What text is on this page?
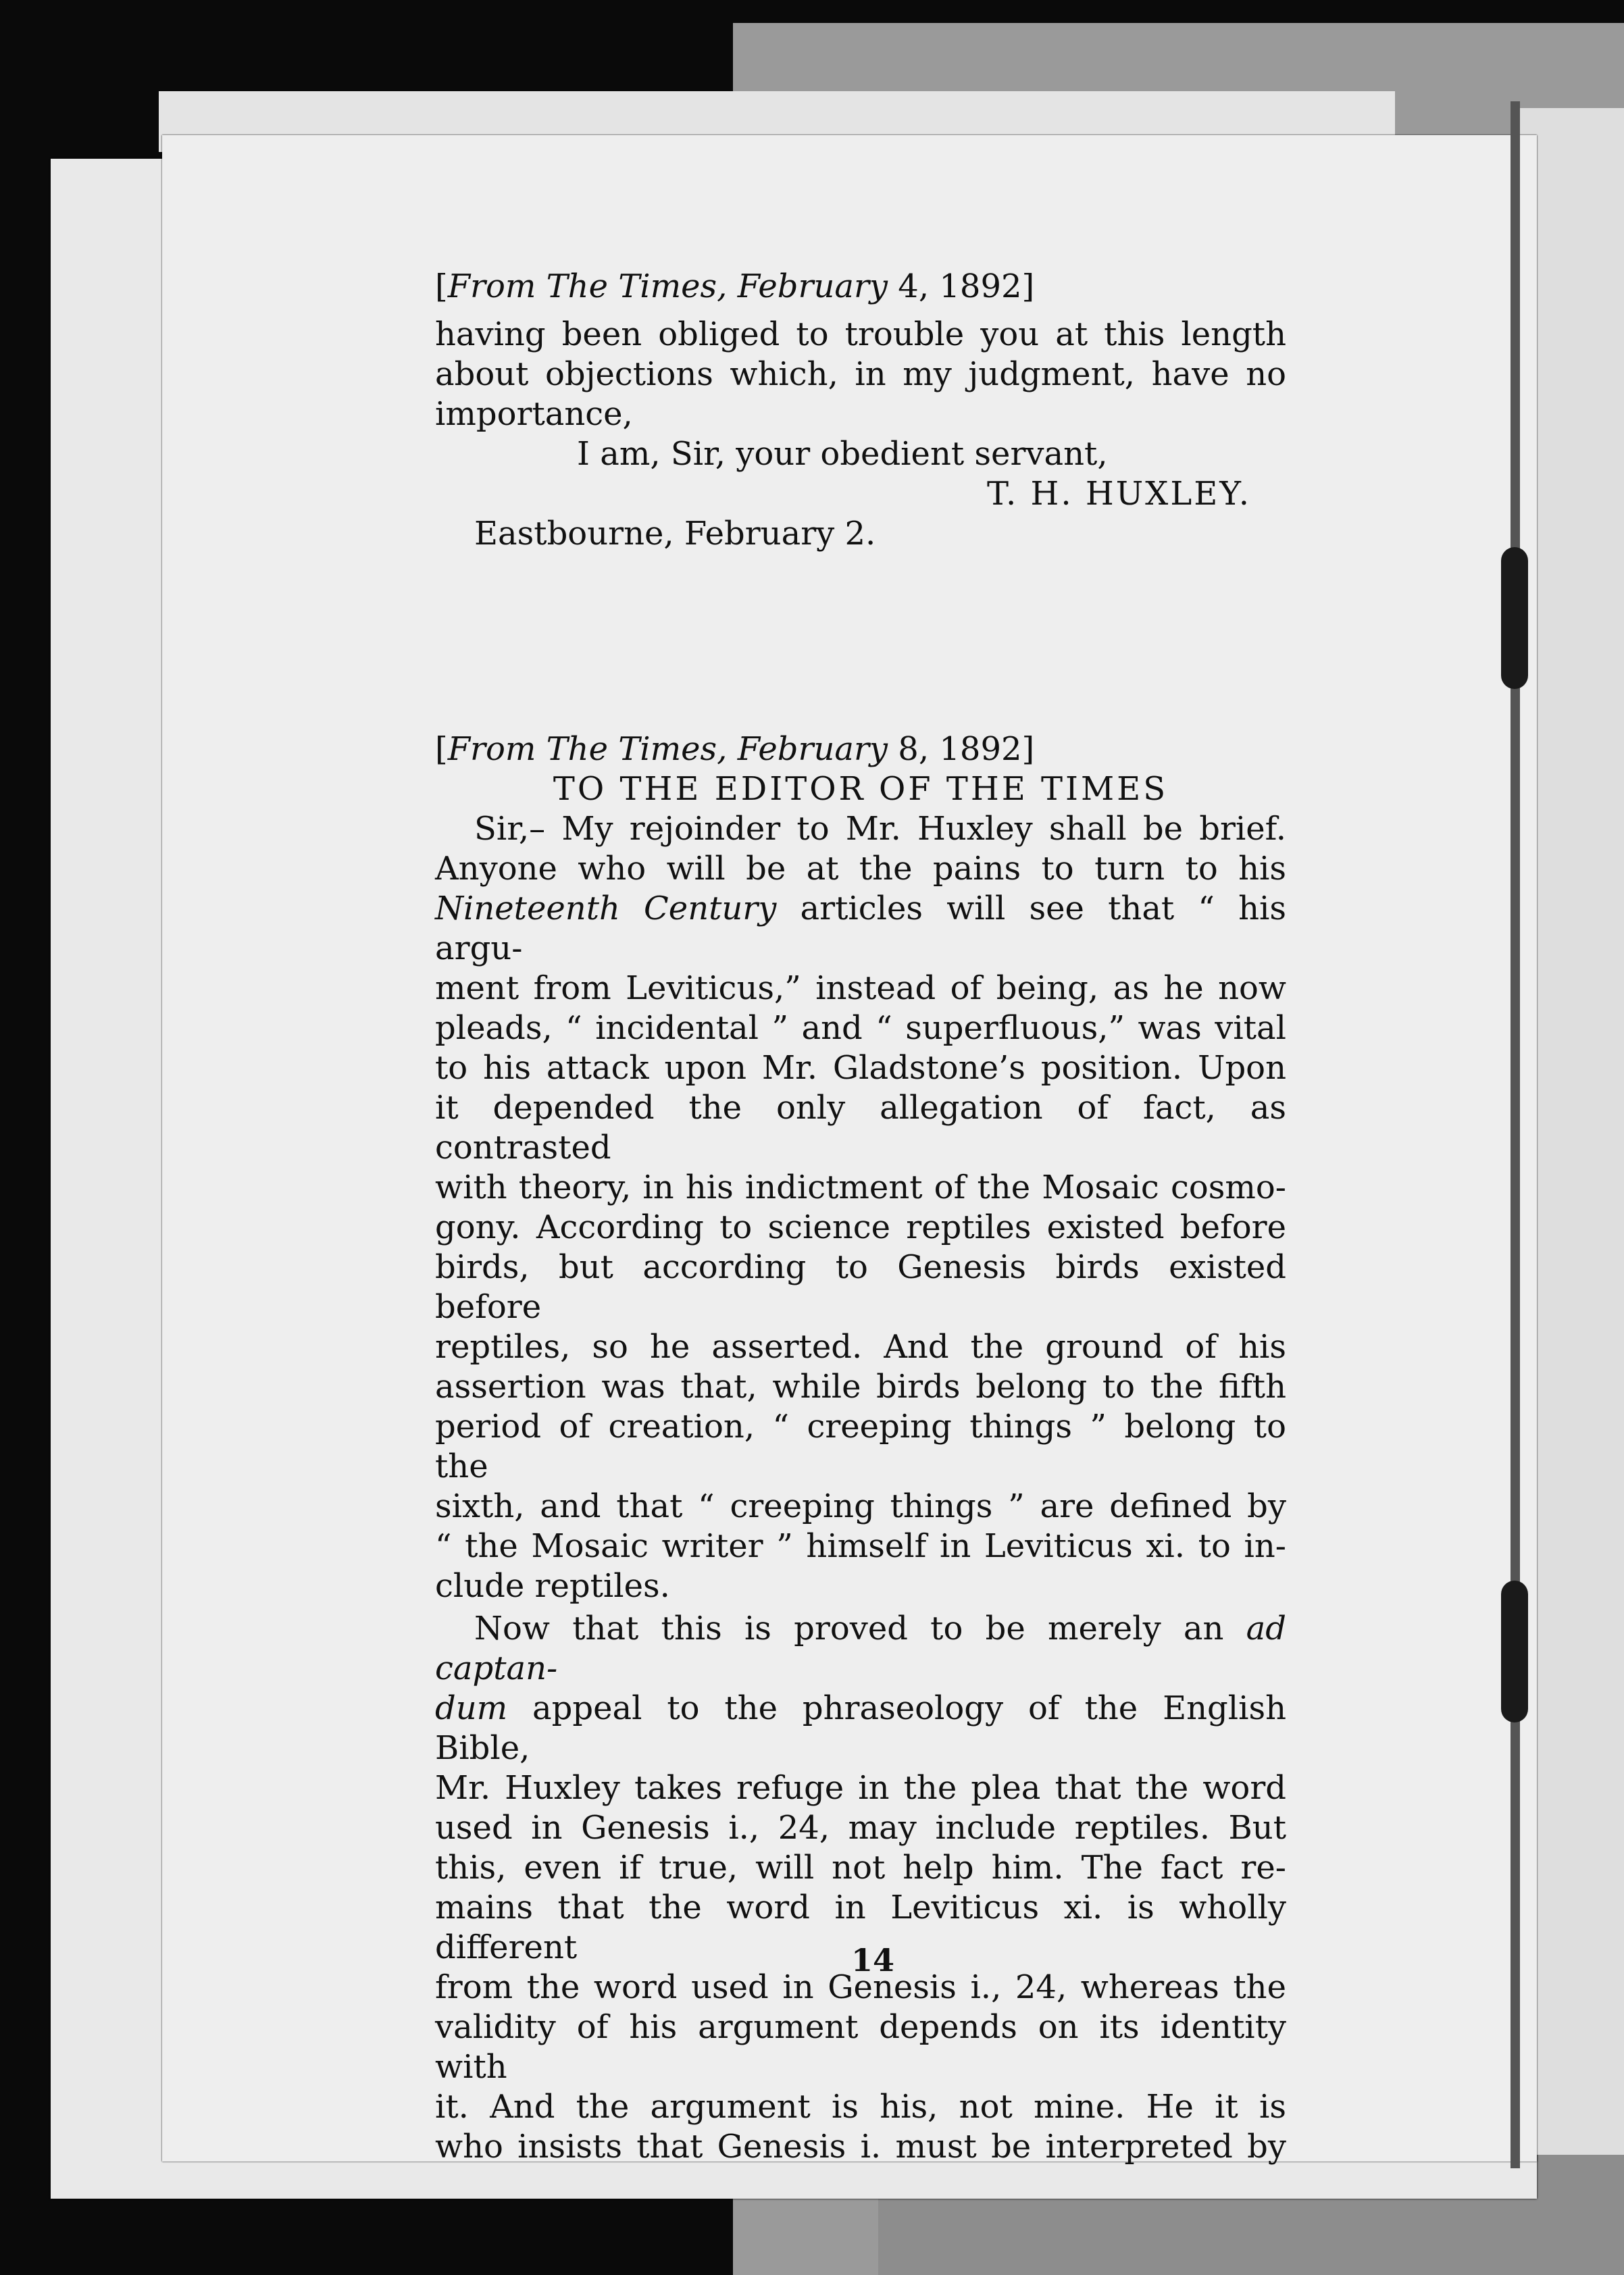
[From The Times, February 4, 1892]

having been obliged to trouble you at this length

about objections which, in my judgment, have no

importance,

I am, Sir, your obedient servant,

T. H. HUXLEY.

Eastbourne, February 2.

[From The Times, February 8, 1892]

TO THE EDITOR OF THE TIMES

Sir,– My rejoinder to Mr. Huxley shall be brief.

Anyone who will be at the pains to turn to his

Nineteenth Century articles will see that “ his argu-

ment from Leviticus,” instead of being, as he now

pleads, “ incidental ” and “ superfluous,” was vital

to his attack upon Mr. Gladstone’s position. Upon

it depended the only allegation of fact, as contrasted

with theory, in his indictment of the Mosaic cosmo-

gony. According to science reptiles existed before

birds, but according to Genesis birds existed before

reptiles, so he asserted. And the ground of his

assertion was that, while birds belong to the fifth

period of creation, “ creeping things ” belong to the

sixth, and that “ creeping things ” are defined by

“ the Mosaic writer ” himself in Leviticus xi. to in-

clude reptiles.

Now that this is proved to be merely an ad captan-

dum appeal to the phraseology of the English Bible,

Mr. Huxley takes refuge in the plea that the word

used in Genesis i., 24, may include reptiles. But

this, even if true, will not help him. The fact re-

mains that the word in Leviticus xi. is wholly different

from the word used in Genesis i., 24, whereas the

validity of his argument depends on its identity with

it. And the argument is his, not mine. He it is

who insists that Genesis i. must be interpreted by

14
